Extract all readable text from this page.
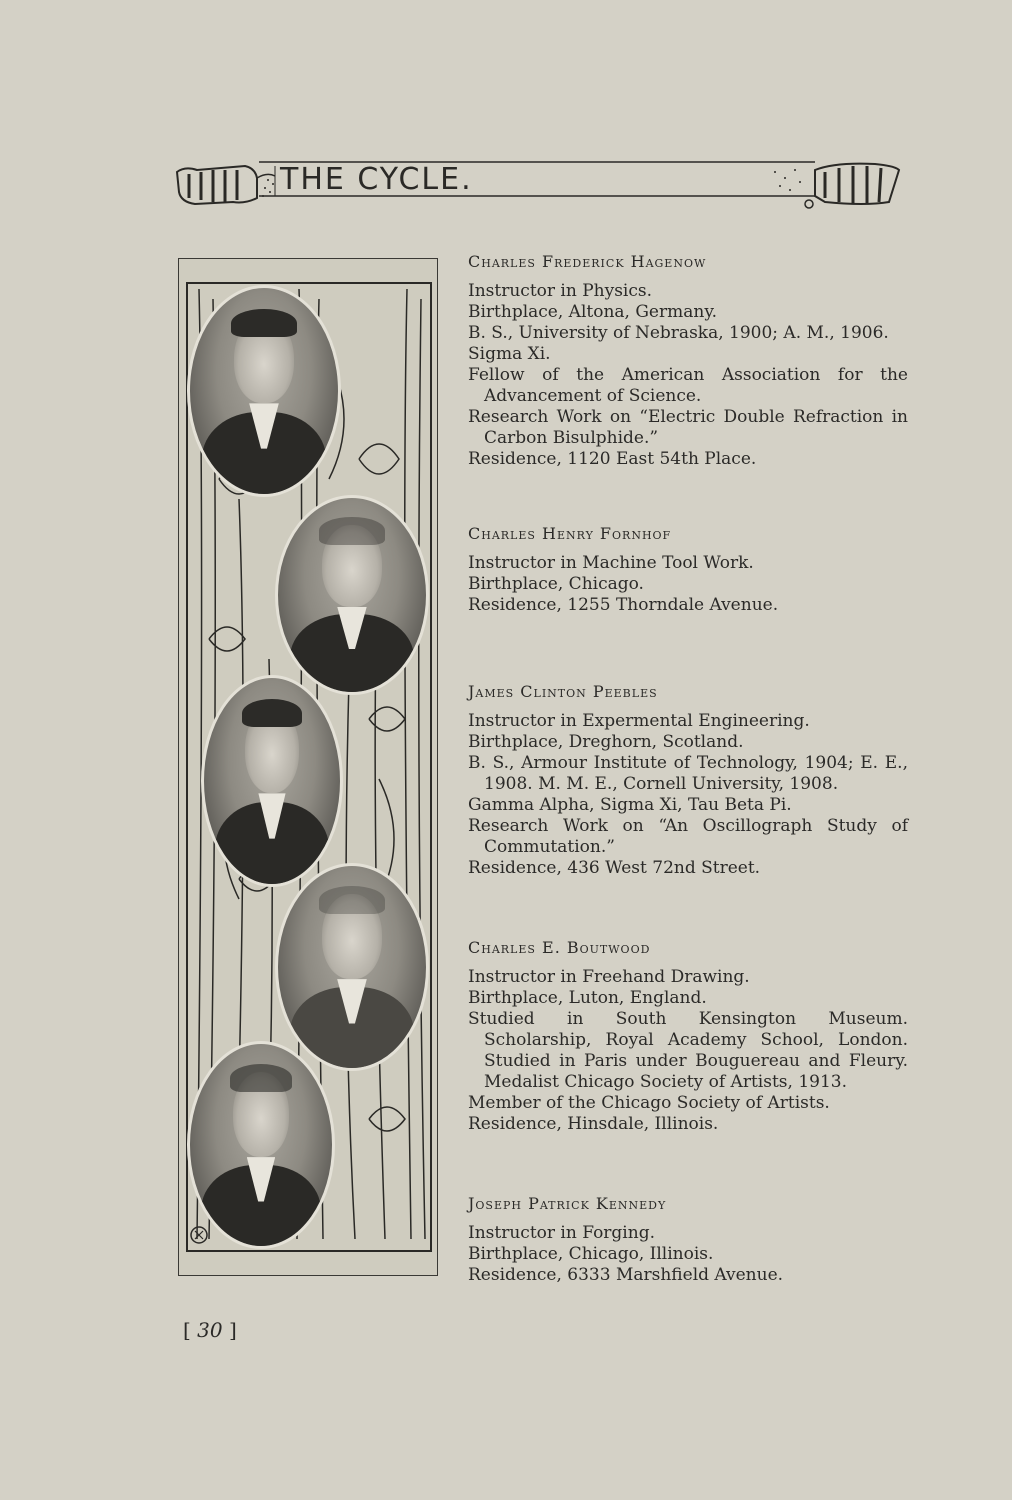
THE CYCLE.

Charles Frederick Hagenow

Instructor in Physics.

Birthplace, Altona, Germany.

B. S., University of Nebraska, 1900; A. M., 1906.

Sigma Xi.

Fellow of the American Association for the Advancement of Science.

Research Work on “Electric Double Refraction in Carbon Bisulphide.”

Residence, 1120 East 54th Place.

Charles Henry Fornhof

Instructor in Machine Tool Work.

Birthplace, Chicago.

Residence, 1255 Thorndale Avenue.

James Clinton Peebles

Instructor in Expermental Engineering.

Birthplace, Dreghorn, Scotland.

B. S., Armour Institute of Technology, 1904; E. E., 1908. M. M. E., Cornell University, 1908.

Gamma Alpha, Sigma Xi, Tau Beta Pi.

Research Work on “An Oscillograph Study of Commutation.”

Residence, 436 West 72nd Street.

Charles E. Boutwood

Instructor in Freehand Drawing.

Birthplace, Luton, England.

Studied in South Kensington Museum. Scholarship, Royal Academy School, London. Studied in Paris under Bouguereau and Fleury. Medalist Chicago Society of Artists, 1913.

Member of the Chicago Society of Artists.

Residence, Hinsdale, Illinois.

Joseph Patrick Kennedy

Instructor in Forging.

Birthplace, Chicago, Illinois.

Residence, 6333 Marshfield Avenue.

[ 30 ]
